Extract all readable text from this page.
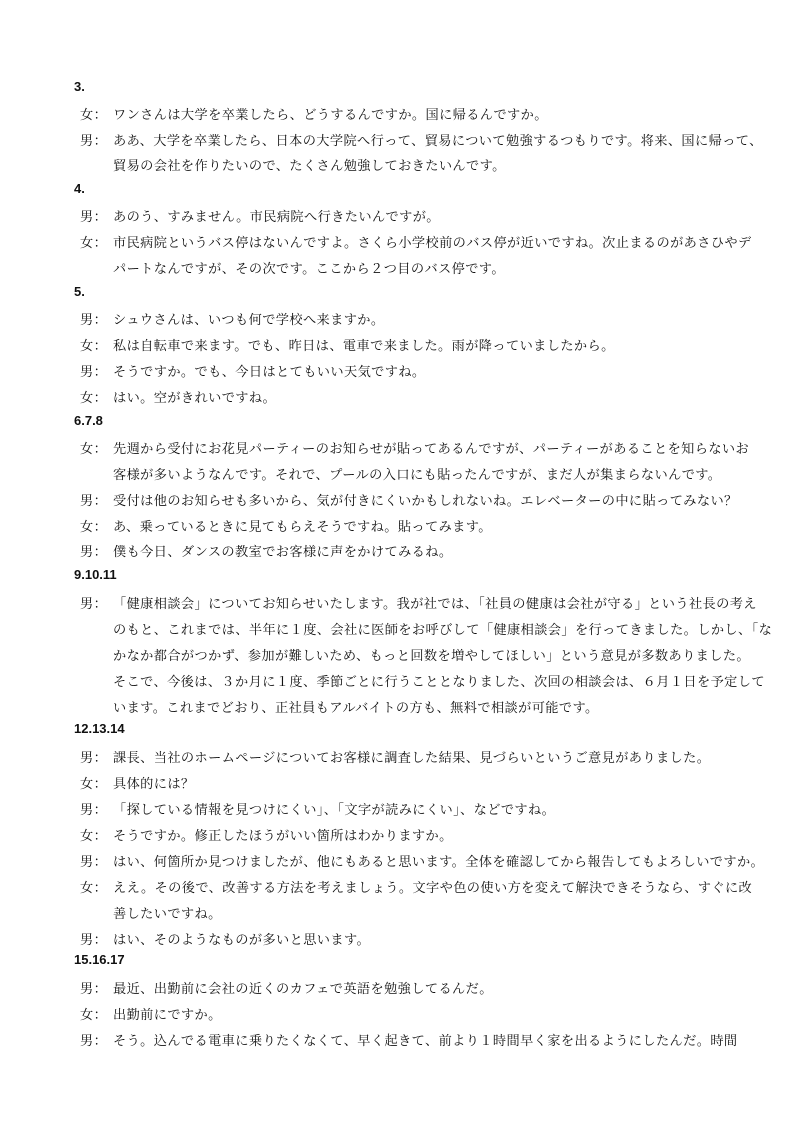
3.
女： ワンさんは大学を卒業したら、どうするんですか。国に帰るんですか。
男： ああ、大学を卒業したら、日本の大学院へ行って、貿易について勉強するつもりです。将来、国に帰って、
貿易の会社を作りたいので、たくさん勉強しておきたいんです。
4.
男： あのう、すみません。市民病院へ行きたいんですが。
女： 市民病院というバス停はないんですよ。さくら小学校前のバス停が近いですね。次止まるのがあさひやデ
パートなんですが、その次です。ここから２つ目のバス停です。
5.
男： シュウさんは、いつも何で学校へ来ますか。
女： 私は自転車で来ます。でも、昨日は、電車で来ました。雨が降っていましたから。
男： そうですか。でも、今日はとてもいい天気ですね。
女： はい。空がきれいですね。
6.7.8
女： 先週から受付にお花見パーティーのお知らせが貼ってあるんですが、パーティーがあることを知らないお
客様が多いようなんです。それで、プールの入口にも貼ったんですが、まだ人が集まらないんです。
男： 受付は他のお知らせも多いから、気が付きにくいかもしれないね。エレベーターの中に貼ってみない？
女： あ、乗っているときに見てもらえそうですね。貼ってみます。
男： 僕も今日、ダンスの教室でお客様に声をかけてみるね。
9.10.11
男： 「健康相談会」についてお知らせいたします。我が社では、「社員の健康は会社が守る」という社長の考え
のもと、これまでは、半年に１度、会社に医師をお呼びして「健康相談会」を行ってきました。しかし、「な
かなか都合がつかず、参加が難しいため、もっと回数を増やしてほしい」という意見が多数ありました。
そこで、今後は、３か月に１度、季節ごとに行うこととなりました、次回の相談会は、６月１日を予定して
います。これまでどおり、正社員もアルバイトの方も、無料で相談が可能です。
12.13.14
男： 課長、当社のホームページについてお客様に調査した結果、見づらいというご意見がありました。
女： 具体的には？
男： 「探している情報を見つけにくい」、「文字が読みにくい」、などですね。
女： そうですか。修正したほうがいい箇所はわかりますか。
男： はい、何箇所か見つけましたが、他にもあると思います。全体を確認してから報告してもよろしいですか。
女： ええ。その後で、改善する方法を考えましょう。文字や色の使い方を変えて解決できそうなら、すぐに改
善したいですね。
男： はい、そのようなものが多いと思います。
15.16.17
男： 最近、出勤前に会社の近くのカフェで英語を勉強してるんだ。
女： 出勤前にですか。
男： そう。込んでる電車に乗りたくなくて、早く起きて、前より１時間早く家を出るようにしたんだ。時間
